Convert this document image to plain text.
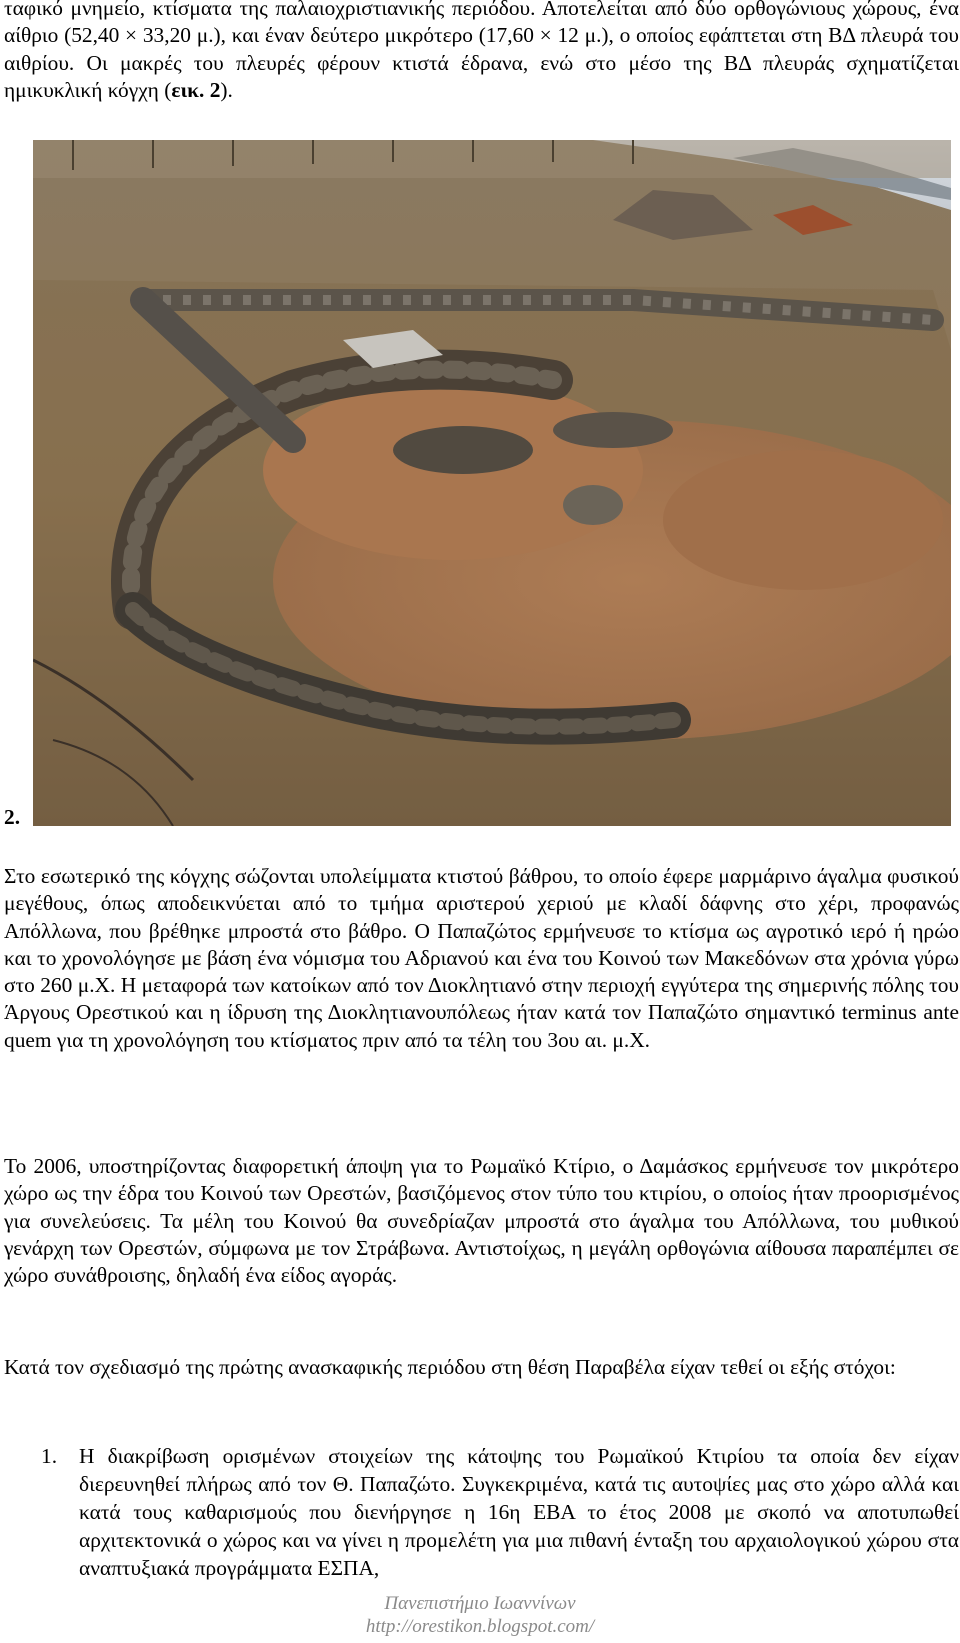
ταφικό μνημείο, κτίσματα της παλαιοχριστιανικής περιόδου. Αποτελείται από δύο ορθογώνιους χώρους, ένα αίθριο (52,40 × 33,20 μ.), και έναν δεύτερο μικρότερο (17,60 × 12 μ.), ο οποίος εφάπτεται στη ΒΔ πλευρά του αιθρίου. Οι μακρές του πλευρές φέρουν κτιστά έδρανα, ενώ στο μέσο της ΒΔ πλευράς σχηματίζεται ημικυκλική κόγχη (εικ. 2).

2.

Στο εσωτερικό της κόγχης σώζονται υπολείμματα κτιστού βάθρου, το οποίο έφερε μαρμάρινο άγαλμα φυσικού μεγέθους, όπως αποδεικνύεται από το τμήμα αριστερού χεριού με κλαδί δάφνης στο χέρι, προφανώς Απόλλωνα, που βρέθηκε μπροστά στο βάθρο. Ο Παπαζώτος ερμήνευσε το κτίσμα ως αγροτικό ιερό ή ηρώο και το χρονολόγησε με βάση ένα νόμισμα του Αδριανού και ένα του Κοινού των Μακεδόνων στα χρόνια γύρω στο 260 μ.Χ. Η μεταφορά των κατοίκων από τον Διοκλητιανό στην περιοχή εγγύτερα της σημερινής πόλης του Άργους Ορεστικού και η ίδρυση της Διοκλητιανουπόλεως ήταν κατά τον Παπαζώτο σημαντικό terminus ante quem για τη χρονολόγηση του κτίσματος πριν από τα τέλη του 3ου αι. μ.Χ.

Το 2006, υποστηρίζοντας διαφορετική άποψη για το Ρωμαϊκό Κτίριο, ο Δαμάσκος ερμήνευσε τον μικρότερο χώρο ως την έδρα του Κοινού των Ορεστών, βασιζόμενος στον τύπο του κτιρίου, ο οποίος ήταν προορισμένος για συνελεύσεις. Τα μέλη του Κοινού θα συνεδρίαζαν μπροστά στο άγαλμα του Απόλλωνα, του μυθικού γενάρχη των Ορεστών, σύμφωνα με τον Στράβωνα. Αντιστοίχως, η μεγάλη ορθογώνια αίθουσα παραπέμπει σε χώρο συνάθροισης, δηλαδή ένα είδος αγοράς.

Κατά τον σχεδιασμό της πρώτης ανασκαφικής περιόδου στη θέση Παραβέλα είχαν τεθεί οι εξής στόχοι:

1. Η διακρίβωση ορισμένων στοιχείων της κάτοψης του Ρωμαϊκού Κτιρίου τα οποία δεν είχαν διερευνηθεί πλήρως από τον Θ. Παπαζώτο. Συγκεκριμένα, κατά τις αυτοψίες μας στο χώρο αλλά και κατά τους καθαρισμούς που διενήργησε η 16η ΕΒΑ το έτος 2008 με σκοπό να αποτυπωθεί αρχιτεκτονικά ο χώρος και να γίνει η προμελέτη για μια πιθανή ένταξη του αρχαιολογικού χώρου στα αναπτυξιακά προγράμματα ΕΣΠΑ,

Πανεπιστήμιο Ιωαννίνων
http://orestikon.blogspot.com/
